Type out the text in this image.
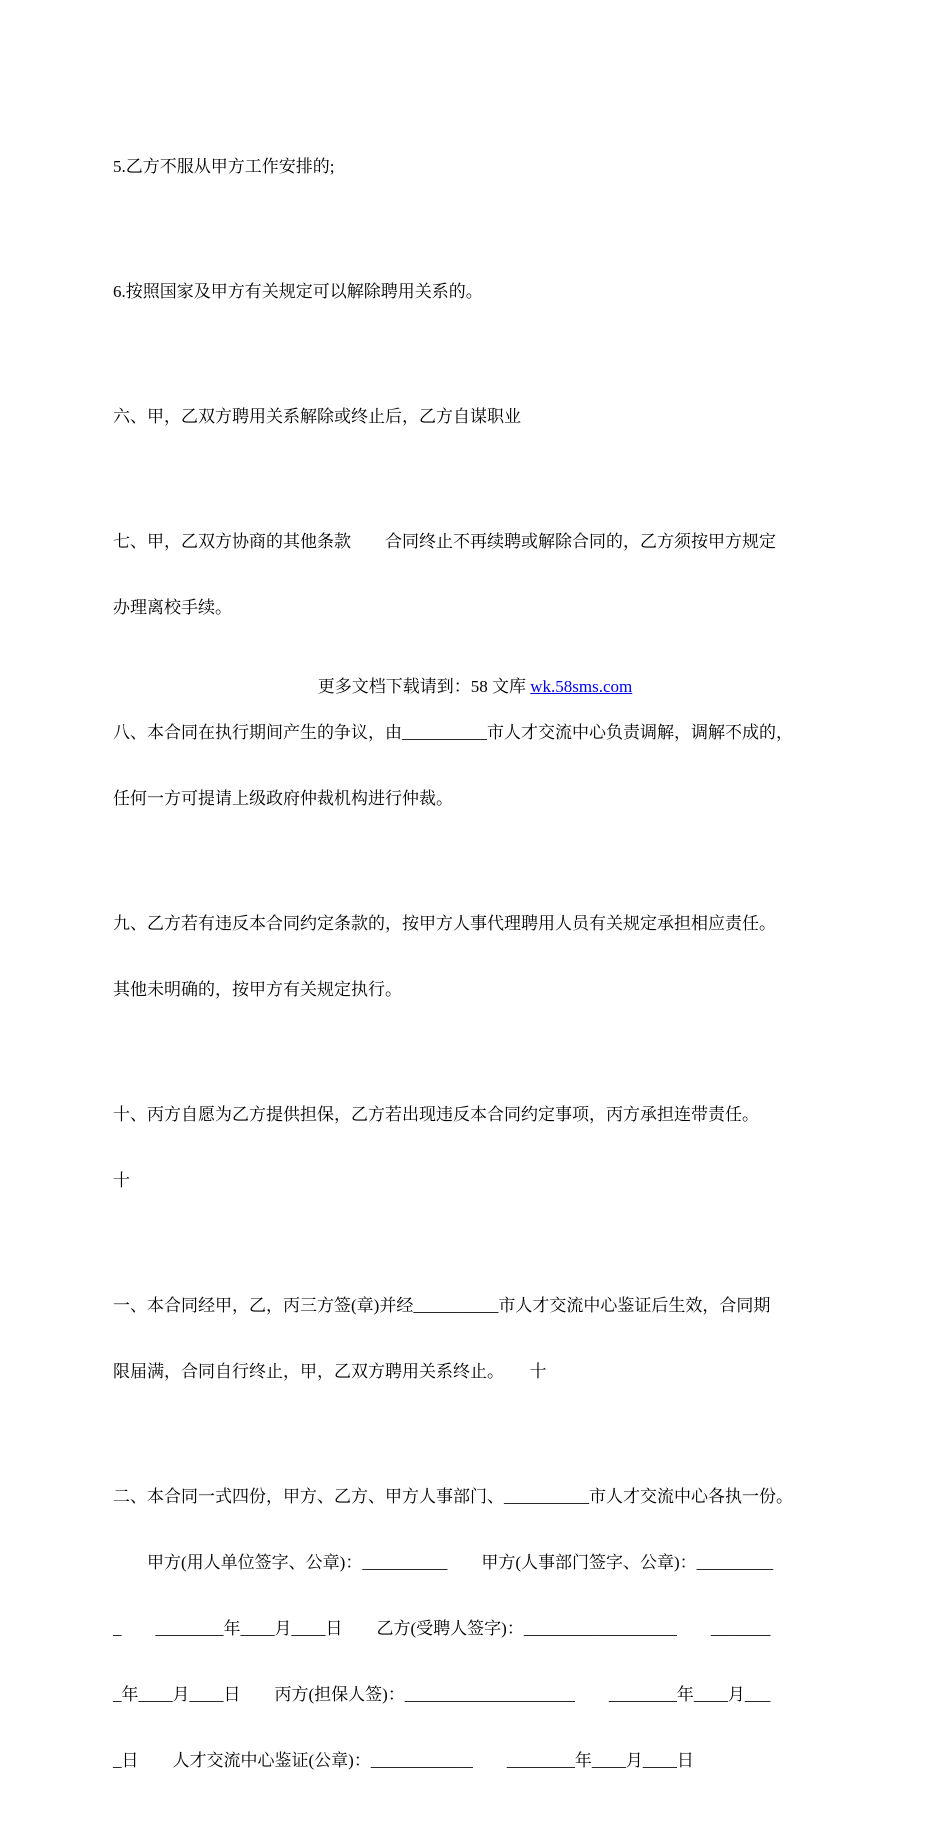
5.乙方不服从甲方工作安排的;

6.按照国家及甲方有关规定可以解除聘用关系的。

六、甲，乙双方聘用关系解除或终止后，乙方自谋职业

七、甲，乙双方协商的其他条款　　合同终止不再续聘或解除合同的，乙方须按甲方规定

办理离校手续。

八、本合同在执行期间产生的争议，由__________市人才交流中心负责调解，调解不成的，

任何一方可提请上级政府仲裁机构进行仲裁。

九、乙方若有违反本合同约定条款的，按甲方人事代理聘用人员有关规定承担相应责任。

其他未明确的，按甲方有关规定执行。

十、丙方自愿为乙方提供担保，乙方若出现违反本合同约定事项，丙方承担连带责任。

十

一、本合同经甲，乙，丙三方签(章)并经__________市人才交流中心鉴证后生效，合同期

限届满，合同自行终止，甲，乙双方聘用关系终止。　　十

二、本合同一式四份，甲方、乙方、甲方人事部门、__________市人才交流中心各执一份。

　　甲方(用人单位签字、公章)：__________　　甲方(人事部门签字、公章)：_________

_　　________年____月____日　　乙方(受聘人签字)：__________________　　_______

_年____月____日　　丙方(担保人签)：____________________　　________年____月___

_日　　人才交流中心鉴证(公章)：____________　　________年____月____日

更多文档下载请到：58 文库 wk.58sms.com
